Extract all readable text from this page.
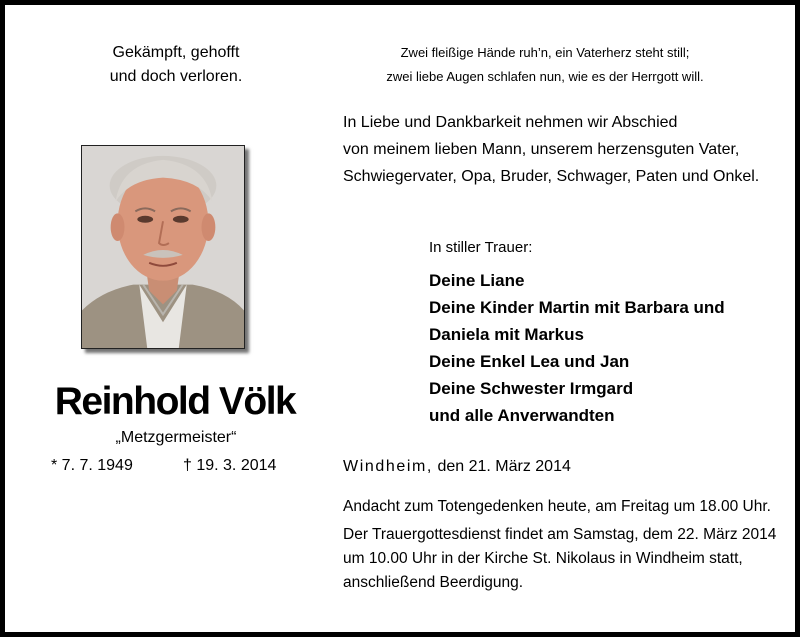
Gekämpft, gehofft
und doch verloren.
Zwei fleißige Hände ruh’n, ein Vaterherz steht still;
zwei liebe Augen schlafen nun, wie es der Herrgott will.
In Liebe und Dankbarkeit nehmen wir Abschied
von meinem lieben Mann, unserem herzensguten Vater,
Schwiegervater, Opa, Bruder, Schwager, Paten und Onkel.
Reinhold Völk
„Metzgermeister“
* 7. 7. 1949	† 19. 3. 2014
In stiller Trauer:
Deine Liane
Deine Kinder Martin mit Barbara und
Daniela mit Markus
Deine Enkel Lea und Jan
Deine Schwester Irmgard
und alle Anverwandten
Windheim, den 21. März 2014

Andacht zum Totengedenken heute, am Freitag um 18.00 Uhr.

Der Trauergottesdienst findet am Samstag, dem 22. März 2014
um 10.00 Uhr in der Kirche St. Nikolaus in Windheim statt,
anschließend Beerdigung.
